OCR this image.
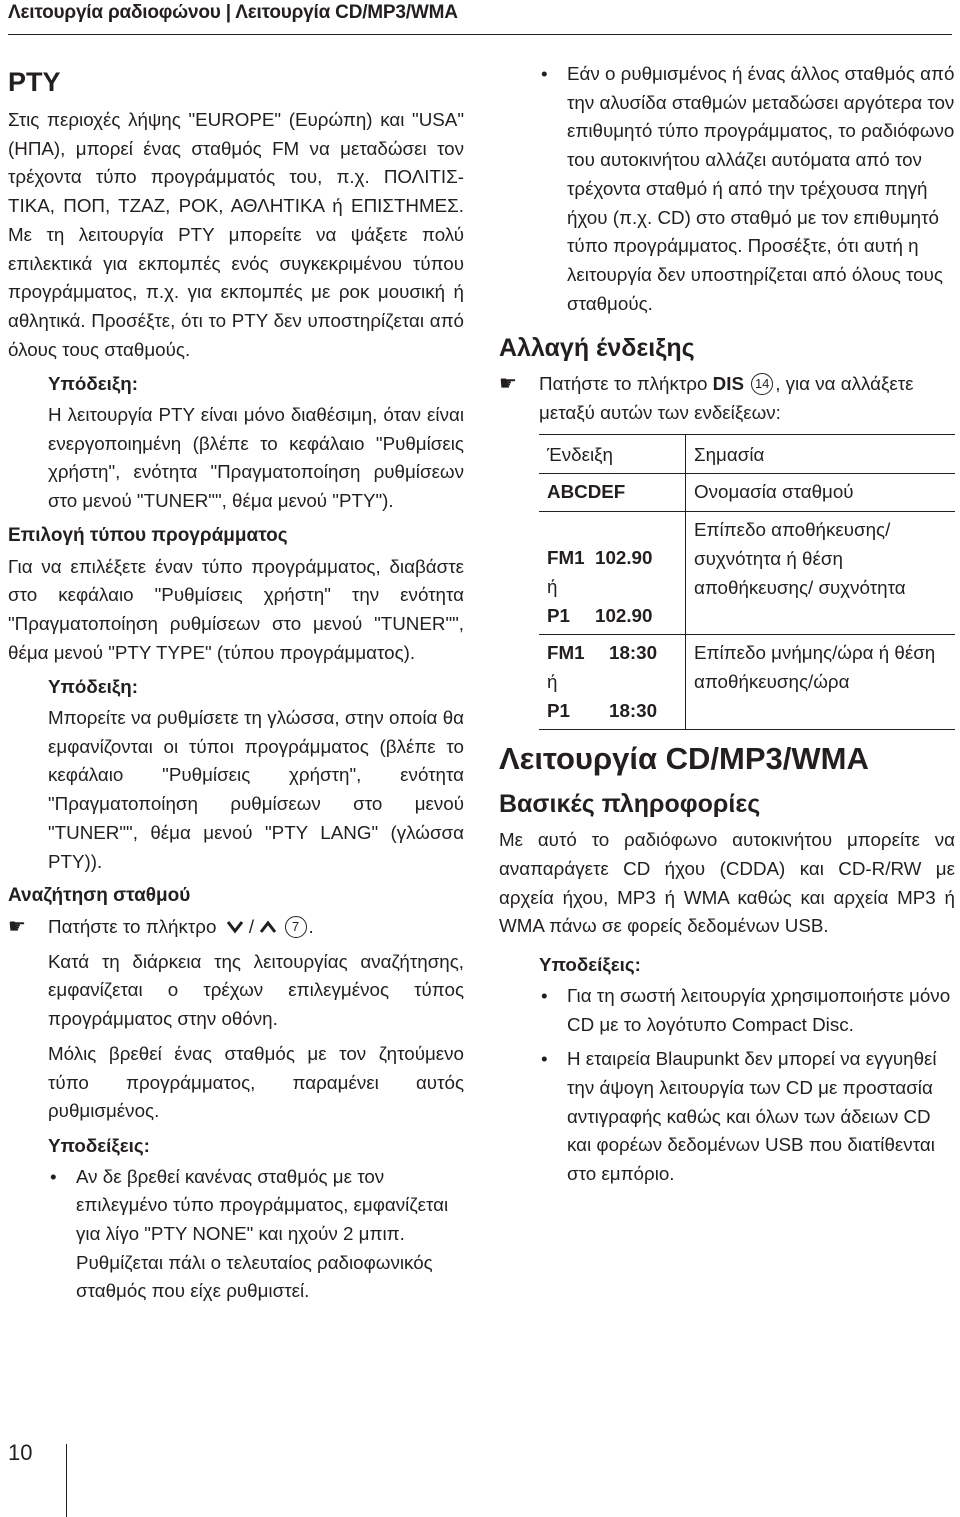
Λειτουργία ραδιοφώνου | Λειτουργία CD/MP3/WMA
PTY

Στις περιοχές λήψης "EUROPE" (Ευρώπη) και "USA" (ΗΠΑ), μπορεί ένας σταθμός FM να μεταδώσει τον τρέχοντα τύπο προγράμματός του, π.χ. ΠΟΛΙΤΙΣ-ΤΙΚΑ, ΠΟΠ, ΤΖΑΖ, ΡΟΚ, ΑΘΛΗΤΙΚΑ ή ΕΠΙΣΤΗΜΕΣ. Με τη λειτουργία PTY μπορείτε να ψάξετε πολύ επιλεκτικά για εκπομπές ενός συγκεκριμένου τύπου προγράμματος, π.χ. για εκπομπές με ροκ μουσική ή αθλητικά. Προσέξτε, ότι το PTY δεν υποστηρίζεται από όλους τους σταθμούς.

Υπόδειξη:

Η λειτουργία PTY είναι μόνο διαθέσιμη, όταν είναι ενεργοποιημένη (βλέπε το κεφάλαιο "Ρυθμίσεις χρήστη", ενότητα "Πραγματοποίηση ρυθμίσεων στο μενού "TUNER"", θέμα μενού "PTY").

Επιλογή τύπου προγράμματος

Για να επιλέξετε έναν τύπο προγράμματος, διαβάστε στο κεφάλαιο "Ρυθμίσεις χρήστη" την ενότητα "Πραγματοποίηση ρυθμίσεων στο μενού "TUNER"", θέμα μενού "PTY TYPE" (τύπου προγράμματος).

Υπόδειξη:

Μπορείτε να ρυθμίσετε τη γλώσσα, στην οποία θα εμφανίζονται οι τύποι προγράμματος (βλέπε το κεφάλαιο "Ρυθμίσεις χρήστη", ενότητα "Πραγματοποίηση ρυθμίσεων στο μενού "TUNER"", θέμα μενού "PTY LANG" (γλώσσα PTY)).

Αναζήτηση σταθμού
☛ Πατήστε το πλήκτρο /	7 .

Κατά τη διάρκεια της λειτουργίας αναζήτησης, εμφανίζεται ο τρέχων επιλεγμένος τύπος προγράμματος στην οθόνη.

Μόλις βρεθεί ένας σταθμός με τον ζητούμενο τύπο προγράμματος, παραμένει αυτός ρυθμισμένος.

Υποδείξεις:
• Αν δε βρεθεί κανένας σταθμός με τον επιλεγμένο τύπο προγράμματος, εμφανίζεται για λίγο "PTY NONE" και ηχούν 2 μπιπ. Ρυθμίζεται πάλι ο τελευταίος ραδιοφωνικός σταθμός που είχε ρυθμιστεί.
• Εάν ο ρυθμισμένος ή ένας άλλος σταθμός από την αλυσίδα σταθμών μεταδώσει αργότερα τον επιθυμητό τύπο προγράμματος, το ραδιόφωνο του αυτοκινήτου αλλάζει αυτόματα από τον τρέχοντα σταθμό ή από την τρέχουσα πηγή ήχου (π.χ. CD) στο σταθμό με τον επιθυμητό τύπο προγράμματος. Προσέξτε, ότι αυτή η λειτουργία δεν υποστηρίζεται από όλους τους σταθμούς.
Αλλαγή ένδειξης
☛ Πατήστε το πλήκτρο DIS 14 , για να αλλάξετε μεταξύ αυτών των ενδείξεων:
Ένδειξη	Σημασία
ABCDEF	Ονομασία σταθμού

FM1 102.90
ή
P1 102.90	Επίπεδο αποθήκευσης/ συχνότητα ή θέση αποθήκευσης/ συχνότητα

FM1 18:30
ή
P1 18:30	Επίπεδο μνήμης/ώρα ή θέση αποθήκευσης/ώρα
Λειτουργία CD/MP3/WMA
Βασικές πληροφορίες

Με αυτό το ραδιόφωνο αυτοκινήτου μπορείτε να αναπαράγετε CD ήχου (CDDA) και CD-R/RW με αρχεία ήχου, MP3 ή WMA καθώς και αρχεία MP3 ή WMA πάνω σε φορείς δεδομένων USB.

Υποδείξεις:
• Για τη σωστή λειτουργία χρησιμοποιήστε μόνο CD με το λογότυπο Compact Disc.
• Η εταιρεία Blaupunkt δεν μπορεί να εγγυηθεί την άψογη λειτουργία των CD με προστασία αντιγραφής καθώς και όλων των άδειων CD και φορέων δεδομένων USB που διατίθενται στο εμπόριο.
10
